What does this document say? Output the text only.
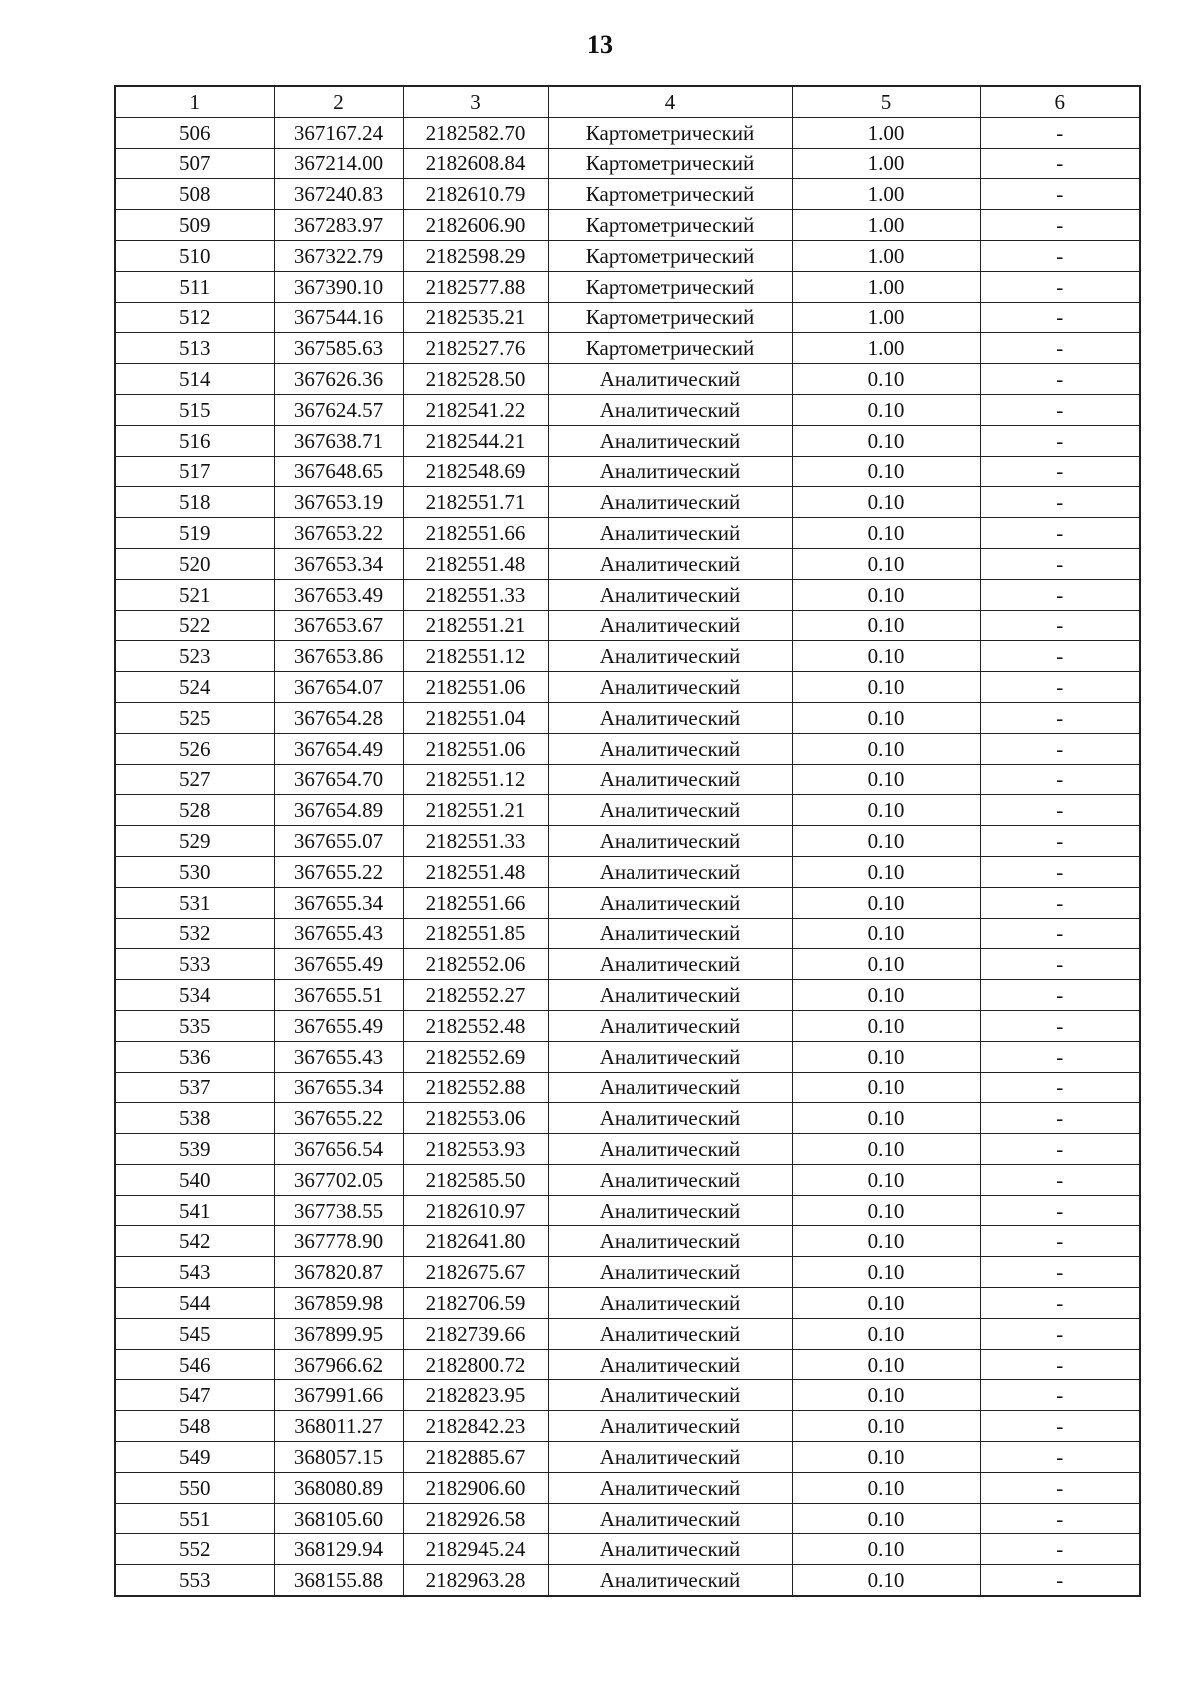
13
1	2	3	4	5	6
506	367167.24	2182582.70	Картометрический	1.00	-
507	367214.00	2182608.84	Картометрический	1.00	-
508	367240.83	2182610.79	Картометрический	1.00	-
509	367283.97	2182606.90	Картометрический	1.00	-
510	367322.79	2182598.29	Картометрический	1.00	-
511	367390.10	2182577.88	Картометрический	1.00	-
512	367544.16	2182535.21	Картометрический	1.00	-
513	367585.63	2182527.76	Картометрический	1.00	-
514	367626.36	2182528.50	Аналитический	0.10	-
515	367624.57	2182541.22	Аналитический	0.10	-
516	367638.71	2182544.21	Аналитический	0.10	-
517	367648.65	2182548.69	Аналитический	0.10	-
518	367653.19	2182551.71	Аналитический	0.10	-
519	367653.22	2182551.66	Аналитический	0.10	-
520	367653.34	2182551.48	Аналитический	0.10	-
521	367653.49	2182551.33	Аналитический	0.10	-
522	367653.67	2182551.21	Аналитический	0.10	-
523	367653.86	2182551.12	Аналитический	0.10	-
524	367654.07	2182551.06	Аналитический	0.10	-
525	367654.28	2182551.04	Аналитический	0.10	-
526	367654.49	2182551.06	Аналитический	0.10	-
527	367654.70	2182551.12	Аналитический	0.10	-
528	367654.89	2182551.21	Аналитический	0.10	-
529	367655.07	2182551.33	Аналитический	0.10	-
530	367655.22	2182551.48	Аналитический	0.10	-
531	367655.34	2182551.66	Аналитический	0.10	-
532	367655.43	2182551.85	Аналитический	0.10	-
533	367655.49	2182552.06	Аналитический	0.10	-
534	367655.51	2182552.27	Аналитический	0.10	-
535	367655.49	2182552.48	Аналитический	0.10	-
536	367655.43	2182552.69	Аналитический	0.10	-
537	367655.34	2182552.88	Аналитический	0.10	-
538	367655.22	2182553.06	Аналитический	0.10	-
539	367656.54	2182553.93	Аналитический	0.10	-
540	367702.05	2182585.50	Аналитический	0.10	-
541	367738.55	2182610.97	Аналитический	0.10	-
542	367778.90	2182641.80	Аналитический	0.10	-
543	367820.87	2182675.67	Аналитический	0.10	-
544	367859.98	2182706.59	Аналитический	0.10	-
545	367899.95	2182739.66	Аналитический	0.10	-
546	367966.62	2182800.72	Аналитический	0.10	-
547	367991.66	2182823.95	Аналитический	0.10	-
548	368011.27	2182842.23	Аналитический	0.10	-
549	368057.15	2182885.67	Аналитический	0.10	-
550	368080.89	2182906.60	Аналитический	0.10	-
551	368105.60	2182926.58	Аналитический	0.10	-
552	368129.94	2182945.24	Аналитический	0.10	-
553	368155.88	2182963.28	Аналитический	0.10	-
